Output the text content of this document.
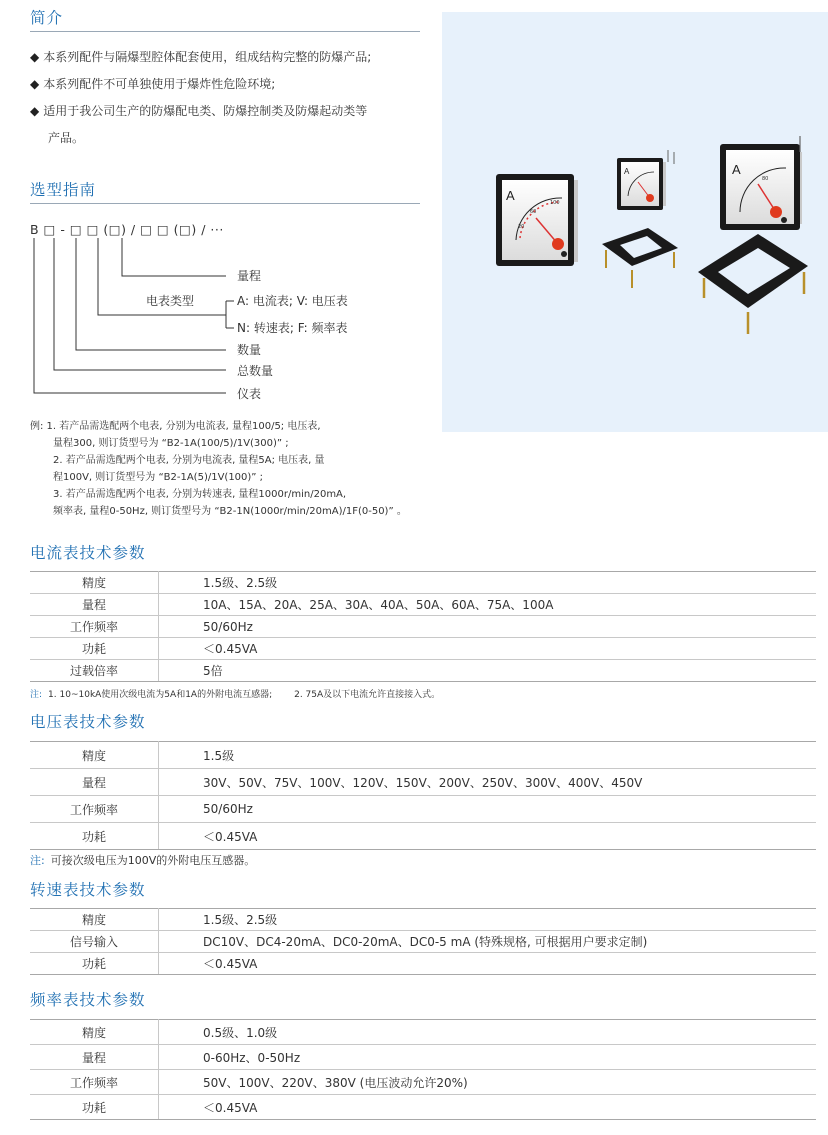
简介
◆ 本系列配件与隔爆型腔体配套使用，组成结构完整的防爆产品;
◆ 本系列配件不可单独使用于爆炸性危险环境;
◆ 适用于我公司生产的防爆配电类、防爆控制类及防爆起动类等
产品。
选型指南
B □ - □ □ (□) / □ □ (□) / ···
量程
电表类型	A: 电流表; V: 电压表
N: 转速表; F: 频率表
数量
总数量
仪表
例: 1. 若产品需选配两个电表, 分别为电流表, 量程100/5; 电压表,
量程300, 则订货型号为 “B2-1A(100/5)/1V(300)” ;
2. 若产品需选配两个电表, 分别为电流表, 量程5A; 电压表, 量
程100V, 则订货型号为 “B2-1A(5)/1V(100)” ;
3. 若产品需选配两个电表, 分别为转速表, 量程1000r/min/20mA,
频率表, 量程0-50Hz, 则订货型号为 “B2-1N(1000r/min/20mA)/1F(0-50)” 。
A
20
60
100
A	A
80
电流表技术参数
精度	1.5级、2.5级
量程	10A、15A、20A、25A、30A、40A、50A、60A、75A、100A
工作频率	50/60Hz
功耗	＜0.45VA
过载倍率	5倍
注: 1. 10~10kA使用次级电流为5A和1A的外附电流互感器; 2. 75A及以下电流允许直接接入式。
电压表技术参数
精度	1.5级
量程	30V、50V、75V、100V、120V、150V、200V、250V、300V、400V、450V
工作频率	50/60Hz
功耗	＜0.45VA
注: 可接次级电压为100V的外附电压互感器。
转速表技术参数
精度	1.5级、2.5级
信号输入	DC10V、DC4-20mA、DC0-20mA、DC0-5 mA (特殊规格, 可根据用户要求定制)
功耗	＜0.45VA
频率表技术参数
精度	0.5级、1.0级
量程	0-60Hz、0-50Hz
工作频率	50V、100V、220V、380V (电压波动允许20%)
功耗	＜0.45VA
